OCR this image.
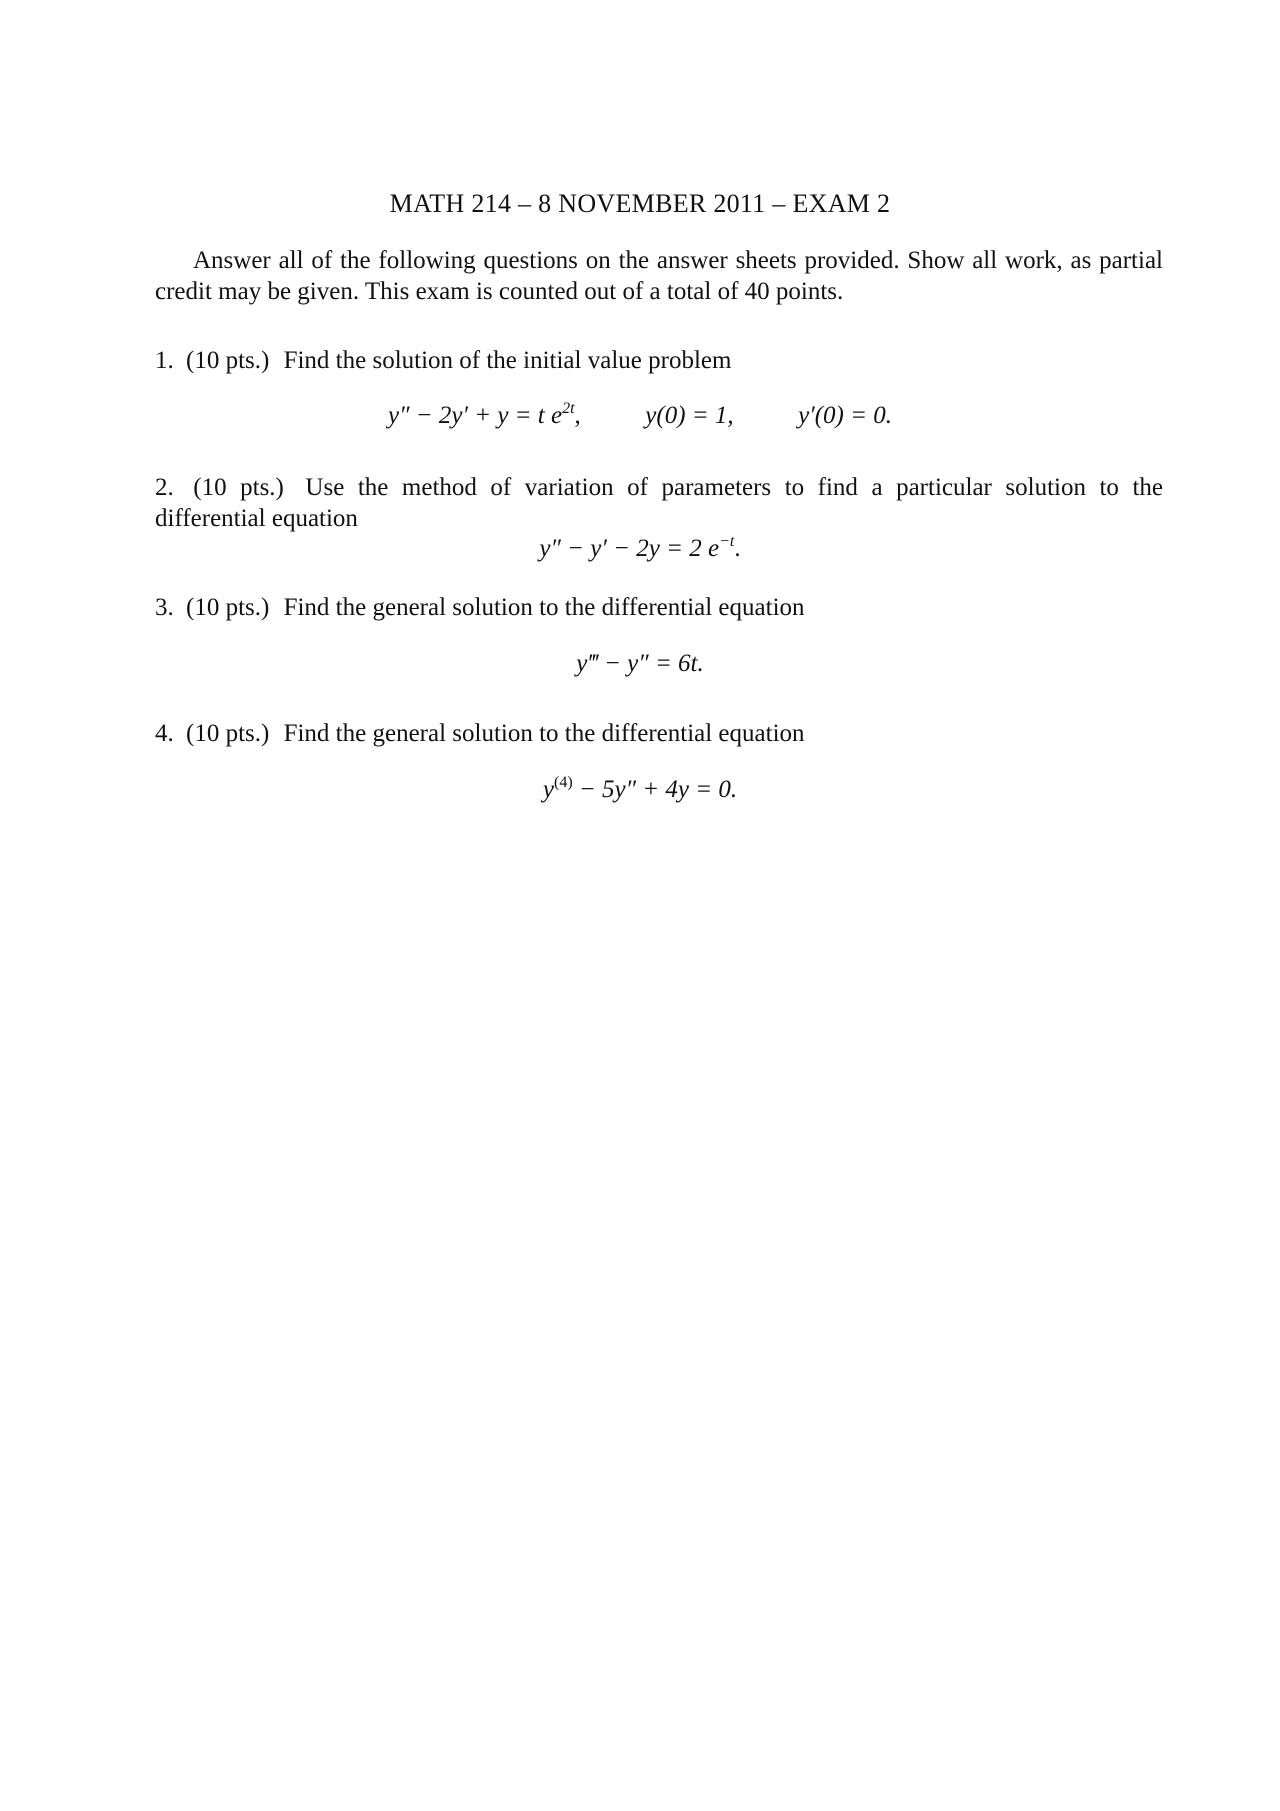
MATH 214 – 8 NOVEMBER 2011 – EXAM 2
Answer all of the following questions on the answer sheets provided. Show all work, as partial credit may be given. This exam is counted out of a total of 40 points.
1. (10 pts.) Find the solution of the initial value problem
y″ − 2y′ + y = t $e^{2t}$,	y(0) = 1,	y′(0) = 0.
2. (10 pts.) Use the method of variation of parameters to find a particular solution to the differential equation
y″ − y′ − 2y = 2 $e^{-t}$.
3. (10 pts.) Find the general solution to the differential equation
y‴ − y″ = 6t.
4. (10 pts.) Find the general solution to the differential equation
$y^{(4)} - 5y'' + 4y = 0$.
